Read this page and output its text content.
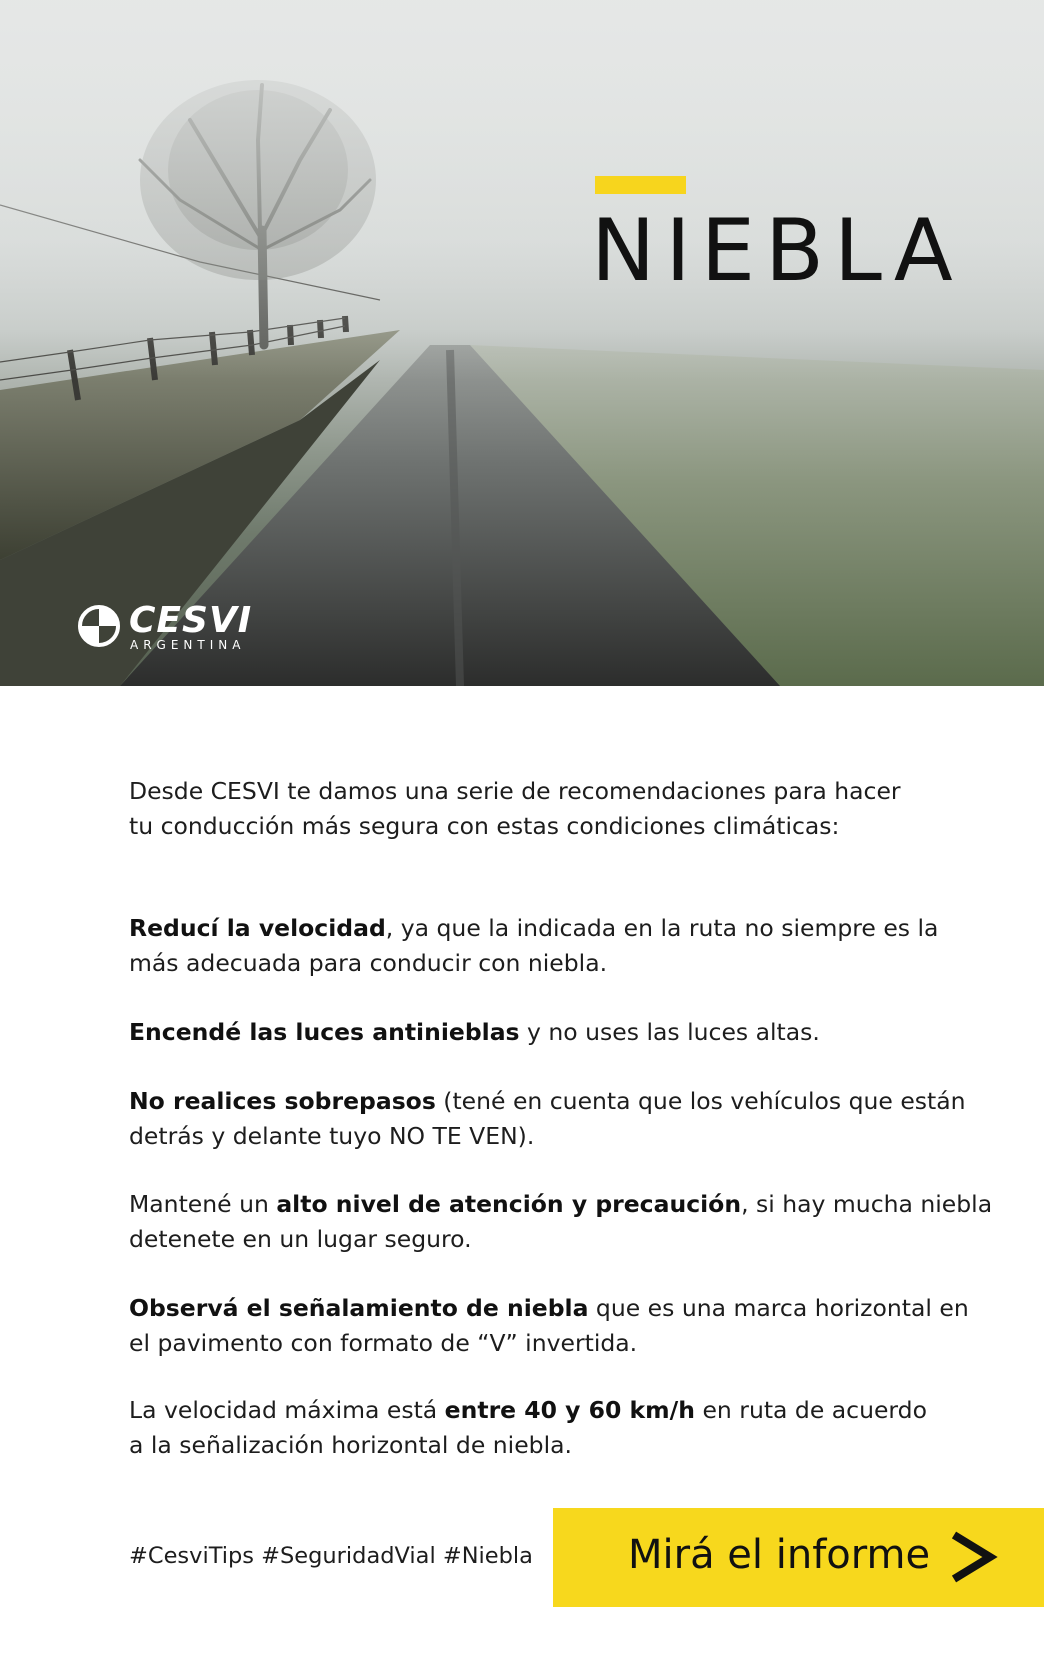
NIEBLA
CESVI
ARGENTINA

Desde CESVI te damos una serie de recomendaciones para hacer

tu conducción más segura con estas condiciones climáticas:

Reducí la velocidad, ya que la indicada en la ruta no siempre es la

más adecuada para conducir con niebla.

Encendé las luces antinieblas y no uses las luces altas.

No realices sobrepasos (tené en cuenta que los vehículos que están

detrás y delante tuyo NO TE VEN).

Mantené un alto nivel de atención y precaución, si hay mucha niebla

detenete en un lugar seguro.

Observá el señalamiento de niebla que es una marca horizontal en

el pavimento con formato de “V” invertida.

La velocidad máxima está entre 40 y 60 km/h en ruta de acuerdo

a la señalización horizontal de niebla.

#CesviTips #SeguridadVial #Niebla Mirá el informe
